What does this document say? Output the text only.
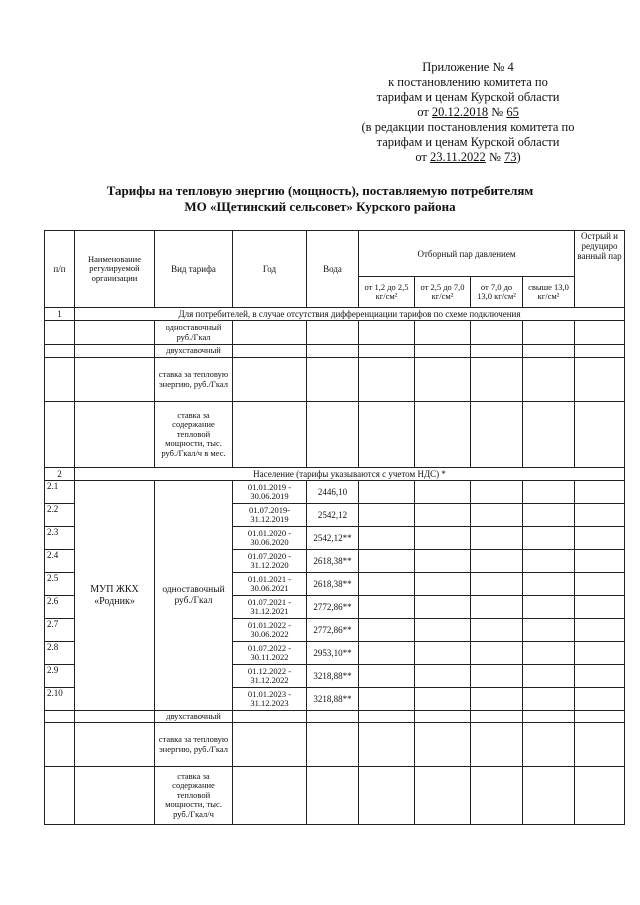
Приложение № 4
к постановлению комитета по
тарифам и ценам Курской области
от 20.12.2018 № 65
(в редакции постановления комитета по
тарифам и ценам Курской области
от 23.11.2022 № 73)
Тарифы на тепловую энергию (мощность), поставляемую потребителям
МО «Щетинский сельсовет» Курского района
п/п	Наименование регулируемой организации	Вид тарифа	Год	Вода	Отборный пар давлением				Острый и редуциро ванный пар
					от 1,2 до 2,5 кг/см²	от 2,5 до 7,0 кг/см²	от 7,0 до 13,0 кг/см²	свыше 13,0 кг/см²	
1	Для потребителей, в случае отсутствия дифференциации тарифов по схеме подключения								
		одноставочный руб./Гкал							
		двухставочный							
		ставка за тепловую энергию, руб./Гкал							
		ставка за содержание тепловой мощности, тыс. руб./Гкал/ч в мес.							
2	Население (тарифы указываются с учетом НДС) *								
2.1	МУП ЖКХ «Родник»	одноставочный руб./Гкал	01.01.2019 - 30.06.2019	2446,10					
2.2			01.07.2019- 31.12.2019	2542,12					
2.3			01.01.2020 - 30.06.2020	2542,12**					
2.4			01.07.2020 - 31.12.2020	2618,38**					
2.5			01.01.2021 - 30.06.2021	2618,38**					
2.6			01.07.2021 - 31.12.2021	2772,86**					
2.7			01.01.2022 - 30.06.2022	2772,86**					
2.8			01.07.2022 - 30.11.2022	2953,10**					
2.9			01.12.2022 - 31.12.2022	3218,88**					
2.10			01.01.2023 - 31.12.2023	3218,88**					
		двухставочный							
		ставка за тепловую энергию, руб./Гкал							
		ставка за содержание тепловой мощности, тыс. руб./Гкал/ч							
